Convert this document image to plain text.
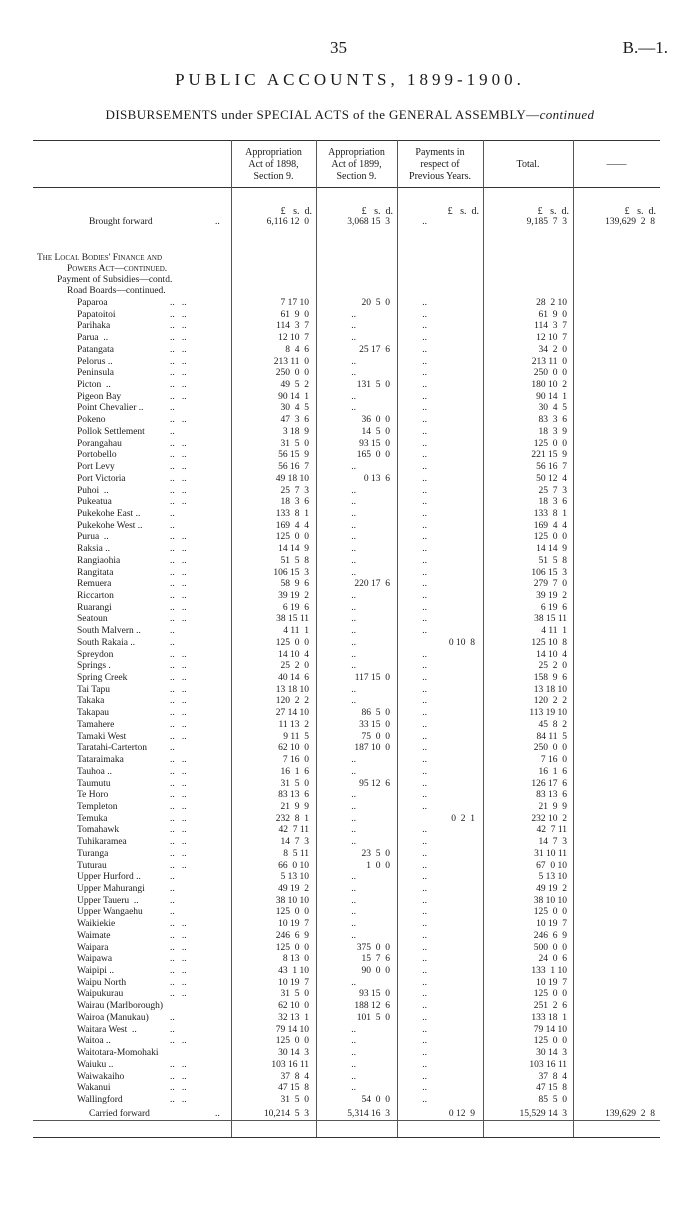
35	B.—1.
PUBLIC ACCOUNTS, 1899-1900.
DISBURSEMENTS under SPECIAL ACTS of the GENERAL ASSEMBLY—continued
Appropriation
Act of 1898,
Section 9.
Appropriation
Act of 1899,
Section 9.
Payments in
respect of
Previous Years.
Total.	——
£   s.  d.	£   s.  d.	£   s.  d.	£   s.  d.	£   s.  d.
Brought forward	..	6,116 12  0	3,068 15  3	..	9,185  7  3	139,629  2  8
The Local Bodies' Finance and
Powers Act—continued.
Payment of Subsidies—contd.
Road Boards—continued.
Paparoa	..   ..	7 17 10	20  5  0	..	28  2 10
Papatoitoi	..   ..	61  9  0	..	..	61  9  0
Parihaka	..   ..	114  3  7	..	..	114  3  7
Parua  ..	..   ..	12 10  7	..	..	12 10  7
Patangata	..   ..	8  4  6	25 17  6	..	34  2  0
Pelorus ..	..   ..	213 11  0	..	..	213 11  0
Peninsula	..   ..	250  0  0	..	..	250  0  0
Picton  ..	..   ..	49  5  2	131  5  0	..	180 10  2
Pigeon Bay	..   ..	90 14  1	..	..	90 14  1
Point Chevalier ..	..	30  4  5	..	..	30  4  5
Pokeno	..   ..	47  3  6	36  0  0	..	83  3  6
Pollok Settlement	..	3 18  9	14  5  0	..	18  3  9
Porangahau	..   ..	31  5  0	93 15  0	..	125  0  0
Portobello	..   ..	56 15  9	165  0  0	..	221 15  9
Port Levy	..   ..	56 16  7	..	..	56 16  7
Port Victoria	..   ..	49 18 10	0 13  6	..	50 12  4
Puhoi  ..	..   ..	25  7  3	..	..	25  7  3
Pukeatua	..   ..	18  3  6	..	..	18  3  6
Pukekohe East ..	..	133  8  1	..	..	133  8  1
Pukekohe West ..	..	169  4  4	..	..	169  4  4
Purua  ..	..   ..	125  0  0	..	..	125  0  0
Raksia ..	..   ..	14 14  9	..	..	14 14  9
Rangiaohia	..   ..	51  5  8	..	..	51  5  8
Rangitata	..   ..	106 15  3	..	..	106 15  3
Remuera	..   ..	58  9  6	220 17  6	..	279  7  0
Riccarton	..   ..	39 19  2	..	..	39 19  2
Ruarangi	..   ..	6 19  6	..	..	6 19  6
Seatoun	..   ..	38 15 11	..	..	38 15 11
South Malvern ..	..	4 11  1	..	..	4 11  1
South Rakaia ..	..	125  0  0	..	0 10  8	125 10  8
Spreydon	..   ..	14 10  4	..	..	14 10  4
Springs .	..   ..	25  2  0	..	..	25  2  0
Spring Creek	..   ..	40 14  6	117 15  0	..	158  9  6
Tai Tapu	..   ..	13 18 10	..	..	13 18 10
Takaka	..   ..	120  2  2	..	..	120  2  2
Takapau	..   ..	27 14 10	86  5  0	..	113 19 10
Tamahere	..   ..	11 13  2	33 15  0	..	45  8  2
Tamaki West	..   ..	9 11  5	75  0  0	..	84 11  5
Taratahi-Carterton ..	62 10  0	187 10  0	..	250  0  0
Tataraimaka	..   ..	7 16  0	..	..	7 16  0
Tauhoa ..	..   ..	16  1  6	..	..	16  1  6
Taumutu	..   ..	31  5  0	95 12  6	..	126 17  6
Te Horo	..   ..	83 13  6	..	..	83 13  6
Templeton	..   ..	21  9  9	..	..	21  9  9
Temuka	..   ..	232  8  1	..	0  2  1	232 10  2
Tomahawk	..   ..	42  7 11	..	..	42  7 11
Tuhikaramea	..   ..	14  7  3	..	..	14  7  3
Turanga	..   ..	8  5 11	23  5  0	..	31 10 11
Tuturau	..   ..	66  0 10	1  0  0	..	67  0 10
Upper Hurford ..	..	5 13 10	..	..	5 13 10
Upper Mahurangi	..	49 19  2	..	..	49 19  2
Upper Taueru  ..	..	38 10 10	..	..	38 10 10
Upper Wangaehu	..	125  0  0	..	..	125  0  0
Waikiekie	..   ..	10 19  7	..	..	10 19  7
Waimate	..   ..	246  6  9	..	..	246  6  9
Waipara	..   ..	125  0  0	375  0  0	..	500  0  0
Waipawa	..   ..	8 13  0	15  7  6	..	24  0  6
Waipipi ..	..   ..	43  1 10	90  0  0	..	133  1 10
Waipu North	..   ..	10 19  7	..	..	10 19  7
Waipukurau	..   ..	31  5  0	93 15  0	..	125  0  0
Wairau (Marlborough)	62 10  0	188 12  6	..	251  2  6
Wairoa (Manukau) ..	32 13  1	101  5  0	..	133 18  1
Waitara West  ..	..	79 14 10	..	..	79 14 10
Waitoa ..	..   ..	125  0  0	..	..	125  0  0
Waitotara-Momohaki	30 14  3	..	..	30 14  3
Waiuku ..	..   ..	103 16 11	..	..	103 16 11
Waiwakaiho	..   ..	37  8  4	..	..	37  8  4
Wakanui	..   ..	47 15  8	..	..	47 15  8
Wallingford	..   ..	31  5  0	54  0  0	..	85  5  0
Carried forward	..	10,214  5  3	5,314 16  3	0 12  9	15,529 14  3	139,629  2  8
